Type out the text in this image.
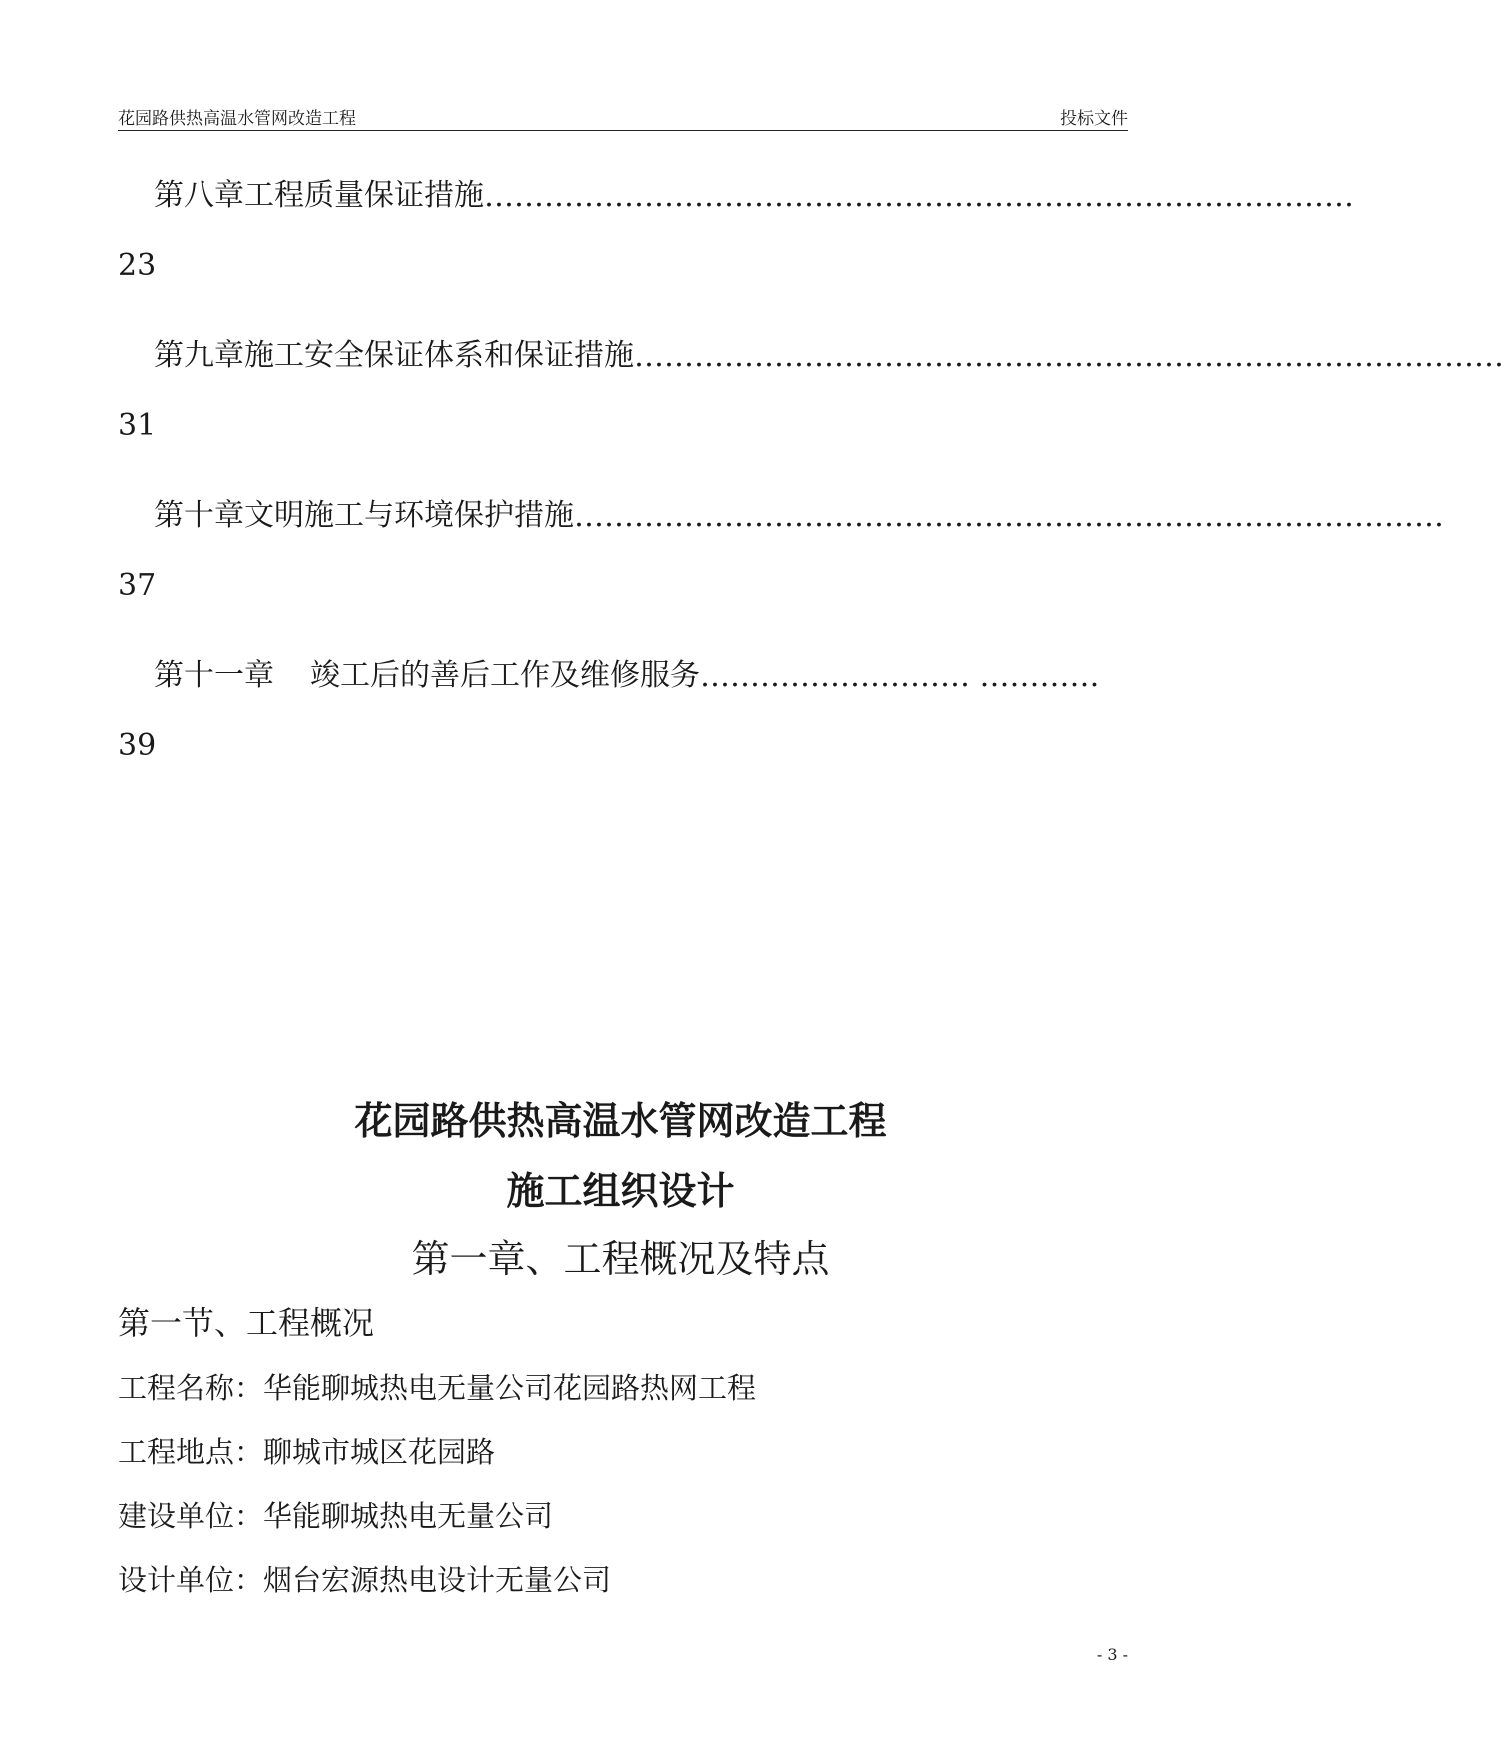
花园路供热高温水管网改造工程	投标文件
第八章 工程质量保证措施 ……………………………………………………………………………
23
第九章 施工安全保证体系和保证措施 ……………………………………………………………………………
31
第十章 文明施工与环境保护措施 ……………………………………………………………………………
37
第十一章 竣工后的善后工作及维修服务 ……………………… …………
39
花园路供热高温水管网改造工程
施工组织设计
第一章、工程概况及特点
第一节、工程概况
工程名称：华能聊城热电无量公司花园路热网工程
工程地点：聊城市城区花园路
建设单位：华能聊城热电无量公司
设计单位：烟台宏源热电设计无量公司
- 3 -
